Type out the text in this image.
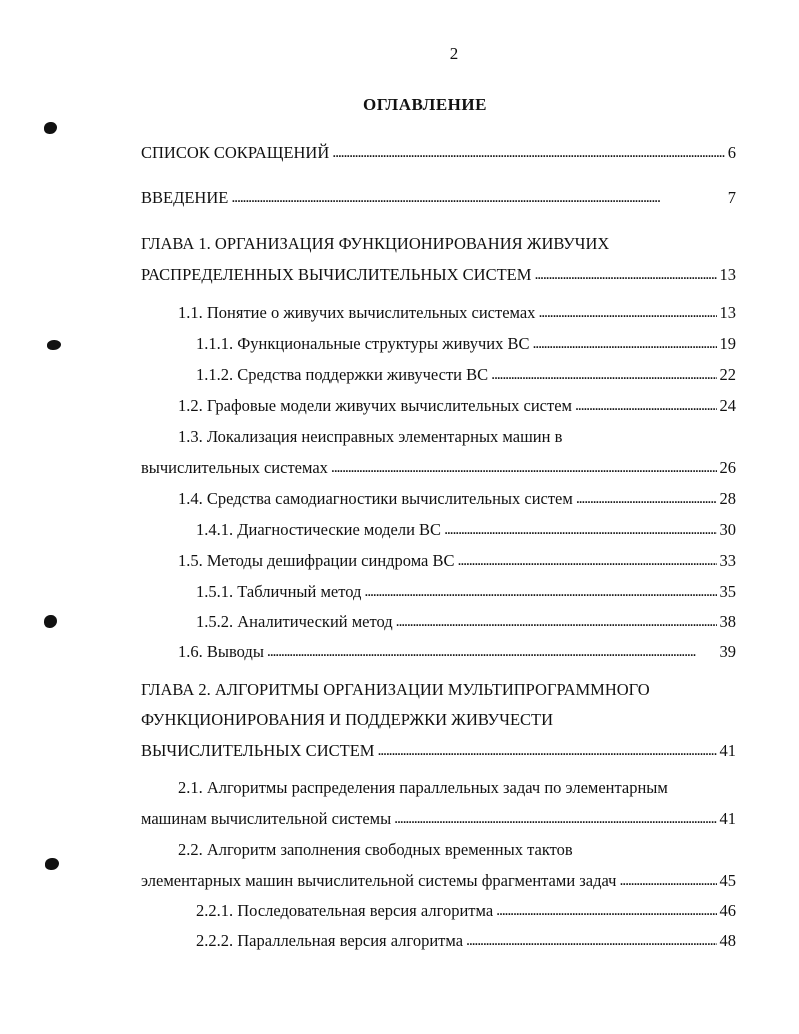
2
ОГЛАВЛЕНИЕ
СПИСОК СОКРАЩЕНИЙ . . .	6
ВВЕДЕНИЕ . . .	7
ГЛАВА 1. ОРГАНИЗАЦИЯ ФУНКЦИОНИРОВАНИЯ ЖИВУЧИХ
РАСПРЕДЕЛЕННЫХ ВЫЧИСЛИТЕЛЬНЫХ СИСТЕМ . . .	13
1.1. Понятие о живучих вычислительных системах . . .	13
1.1.1. Функциональные структуры живучих ВС . . .	19
1.1.2. Средства поддержки живучести ВС . . .	22
1.2. Графовые модели живучих вычислительных систем . . .	24
1.3. Локализация неисправных элементарных машин в
вычислительных системах . . .	26
1.4. Средства самодиагностики вычислительных систем . . .	28
1.4.1. Диагностические модели ВС . . .	30
1.5. Методы дешифрации синдрома ВС . . .	33
1.5.1. Табличный метод . . .	35
1.5.2. Аналитический метод . . .	38
1.6. Выводы . . .	39
ГЛАВА 2. АЛГОРИТМЫ ОРГАНИЗАЦИИ МУЛЬТИПРОГРАММНОГО
ФУНКЦИОНИРОВАНИЯ И ПОДДЕРЖКИ ЖИВУЧЕСТИ
ВЫЧИСЛИТЕЛЬНЫХ СИСТЕМ . . .	41
2.1. Алгоритмы распределения параллельных задач по элементарным
машинам вычислительной системы . . .	41
2.2. Алгоритм заполнения свободных временных тактов
элементарных машин вычислительной системы фрагментами задач . . .	45
2.2.1. Последовательная версия алгоритма . . .	46
2.2.2. Параллельная версия алгоритма . . .	48
